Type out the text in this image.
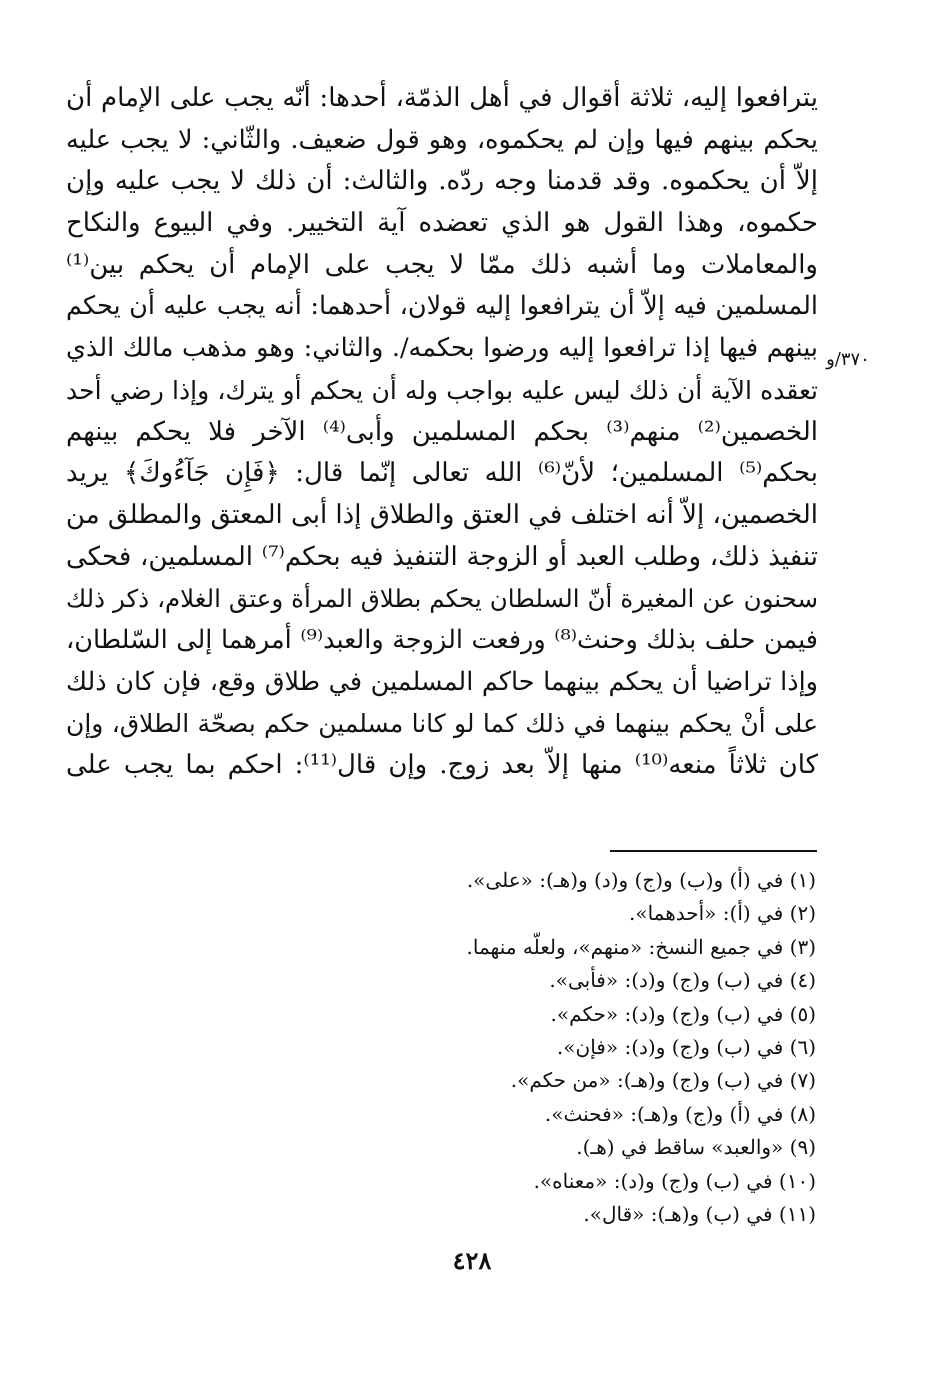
يترافعوا إليه، ثلاثة أقوال في أهل الذمّة، أحدها: أنّه يجب على الإمام أن
يحكم بينهم فيها وإن لم يحكموه، وهو قول ضعيف. والثّاني: لا يجب عليه
إلاّ أن يحكموه. وقد قدمنا وجه ردّه. والثالث: أن ذلك لا يجب عليه وإن
حكموه، وهذا القول هو الذي تعضده آية التخيير. وفي البيوع والنكاح
والمعاملات وما أشبه ذلك ممّا لا يجب على الإمام أن يحكم بين⁽¹⁾
المسلمين فيه إلاّ أن يترافعوا إليه قولان، أحدهما: أنه يجب عليه أن يحكم
بينهم فيها إذا ترافعوا إليه ورضوا بحكمه/. والثاني: وهو مذهب مالك الذي
تعقده الآية أن ذلك ليس عليه بواجب وله أن يحكم أو يترك، وإذا رضي أحد
الخصمين⁽²⁾ منهم⁽³⁾ بحكم المسلمين وأبى⁽⁴⁾ الآخر فلا يحكم بينهم
بحكم⁽⁵⁾ المسلمين؛ لأنّ⁽⁶⁾ الله تعالى إنّما قال: ﴿فَإِن جَآءُوكَ﴾ يريد
الخصمين، إلاّ أنه اختلف في العتق والطلاق إذا أبى المعتق والمطلق من
تنفيذ ذلك، وطلب العبد أو الزوجة التنفيذ فيه بحكم⁽⁷⁾ المسلمين، فحكى
سحنون عن المغيرة أنّ السلطان يحكم بطلاق المرأة وعتق الغلام، ذكر ذلك
فيمن حلف بذلك وحنث⁽⁸⁾ ورفعت الزوجة والعبد⁽⁹⁾ أمرهما إلى السّلطان،
وإذا تراضيا أن يحكم بينهما حاكم المسلمين في طلاق وقع، فإن كان ذلك
على أنْ يحكم بينهما في ذلك كما لو كانا مسلمين حكم بصحّة الطلاق، وإن
كان ثلاثاً منعه⁽¹⁰⁾ منها إلاّ بعد زوج. وإن قال⁽¹¹⁾: احكم بما يجب على
٣٧٠/و
(١) في (أ) و(ب) و(ج) و(د) و(هـ): «على».
(٢) في (أ): «أحدهما».
(٣) في جميع النسخ: «منهم»، ولعلّه منهما.
(٤) في (ب) و(ج) و(د): «فأبى».
(٥) في (ب) و(ج) و(د): «حكم».
(٦) في (ب) و(ج) و(د): «فإن».
(٧) في (ب) و(ج) و(هـ): «من حكم».
(٨) في (أ) و(ج) و(هـ): «فحنث».
(٩) «والعبد» ساقط في (هـ).
(١٠) في (ب) و(ج) و(د): «معناه».
(١١) في (ب) و(هـ): «قال».
٤٢٨
